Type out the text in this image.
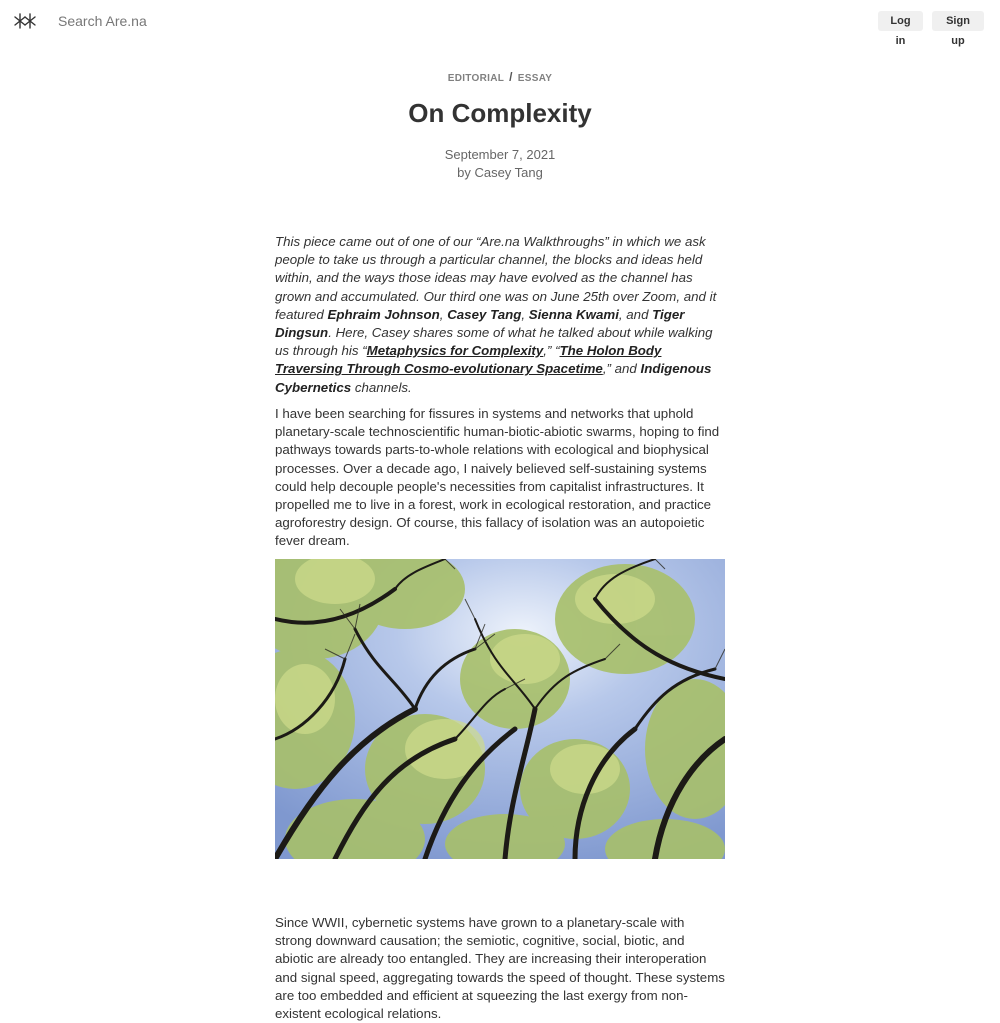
Search Are.na
Log in
Sign up
EDITORIAL / ESSAY
On Complexity
September 7, 2021
by Casey Tang

This piece came out of one of our “Are.na Walkthroughs” in which we ask people to take us through a particular channel, the blocks and ideas held within, and the ways those ideas may have evolved as the channel has grown and accumulated. Our third one was on June 25th over Zoom, and it featured Ephraim Johnson, Casey Tang, Sienna Kwami, and Tiger Dingsun. Here, Casey shares some of what he talked about while walking us through his “Metaphysics for Complexity,” “The Holon Body Traversing Through Cosmo-evolutionary Spacetime,” and Indigenous Cybernetics channels.

I have been searching for fissures in systems and networks that uphold planetary-scale technoscientific human-biotic-abiotic swarms, hoping to find pathways towards parts-to-whole relations with ecological and biophysical processes. Over a decade ago, I naively believed self-sustaining systems could help decouple people's necessities from capitalist infrastructures. It propelled me to live in a forest, work in ecological restoration, and practice agroforestry design. Of course, this fallacy of isolation was an autopoietic fever dream.

Since WWII, cybernetic systems have grown to a planetary-scale with strong downward causation; the semiotic, cognitive, social, biotic, and abiotic are already too entangled. They are increasing their interoperation and signal speed, aggregating towards the speed of thought. These systems are too embedded and efficient at squeezing the last exergy from non-existent ecological relations.
